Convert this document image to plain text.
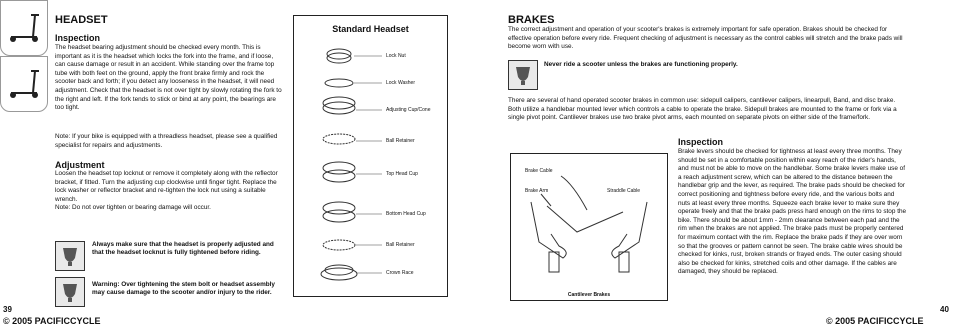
HEADSET
Inspection
The headset bearing adjustment should be checked every month. This is important as it is the headset which locks the fork into the frame, and if loose, can cause damage or result in an accident. While standing over the frame top tube with both feet on the ground, apply the front brake firmly and rock the scooter back and forth; if you detect any looseness in the headset, it will need adjustment. Check that the headset is not over tight by slowly rotating the fork to the right and left. If the fork tends to stick or bind at any point, the bearings are too tight.
Note: If your bike is equipped with a threadless headset, please see a qualified specialist for repairs and adjustments.
Adjustment
Loosen the headset top locknut or remove it completely along with the reflector bracket, if fitted. Turn the adjusting cup clockwise until finger tight. Replace the lock washer or reflector bracket and re-tighten the lock nut using a suitable wrench.
Note: Do not over tighten or bearing damage will occur.
Always make sure that the headset is properly adjusted and that the headset locknut is fully tightened before riding.
Warning: Over tightening the stem bolt or headset assembly may cause damage to the scooter and/or injury to the rider.
Standard Headset
Lock Nut
Lock Washer
Adjusting Cup/Cone
Ball Retainer
Top Head Cup
Bottom Head Cup
Ball Retainer
Crown Race
39
© 2005 PACIFICCYCLE
BRAKES
The correct adjustment and operation of your scooter's brakes is extremely important for safe operation. Brakes should be checked for effective operation before every ride. Frequent checking of adjustment is necessary as the control cables will stretch and the brake pads will become worn with use.
Never ride a scooter unless the brakes are functioning properly.
There are several of hand operated scooter brakes in common use: sidepull calipers, cantilever calipers, linearpull, Band, and disc brake. Both utilize a handlebar mounted lever which controls a cable to operate the brake. Sidepull brakes are mounted to the frame or fork via a single pivot point. Cantilever brakes use two brake pivot arms, each mounted on separate pivots on either side of the frame/fork.
Brake Cable
Brake Arm	Straddle Cable
Cantilever Brakes
Inspection
Brake levers should be checked for tightness at least every three months. They should be set in a comfortable position within easy reach of the rider's hands, and must not be able to move on the handlebar. Some brake levers make use of a reach adjustment screw, which can be altered to the distance between the handlebar grip and the lever, as required. The brake pads should be checked for correct positioning and tightness before every ride, and the various bolts and nuts at least every three months. Squeeze each brake lever to make sure they operate freely and that the brake pads press hard enough on the rims to stop the bike. There should be about 1mm - 2mm clearance between each pad and the rim when the brakes are not applied. The brake pads must be properly centered for maximum contact with the rim. Replace the brake pads if they are over worn so that the grooves or pattern cannot be seen. The brake cable wires should be checked for kinks, rust, broken strands or frayed ends. The outer casing should also be checked for kinks, stretched coils and other damage. If the cables are damaged, they should be replaced.
40
© 2005 PACIFICCYCLE
